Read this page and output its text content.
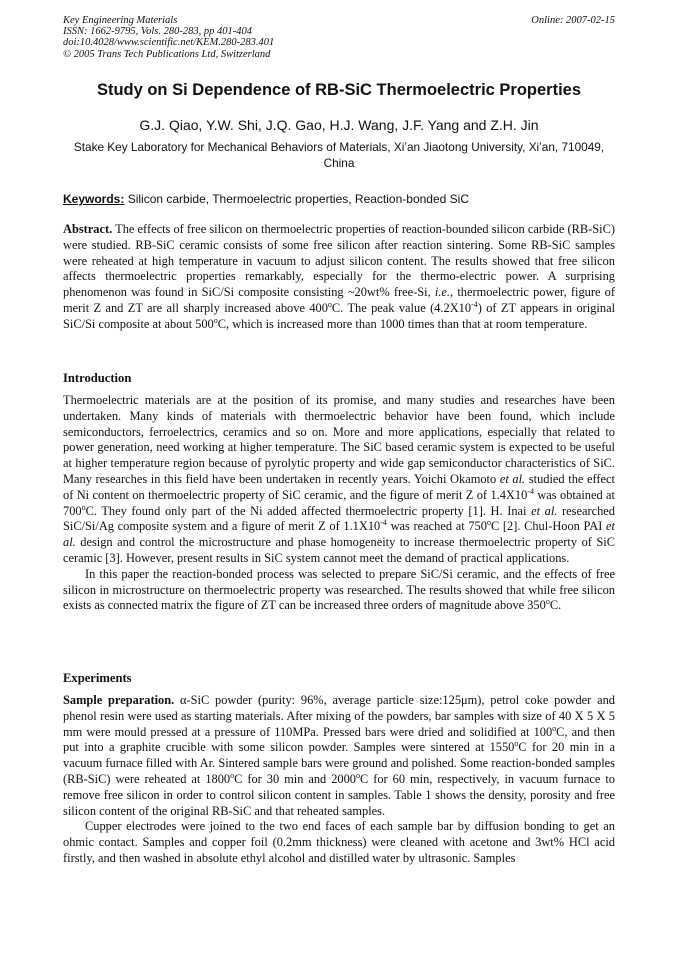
Key Engineering Materials
ISSN: 1662-9795, Vols. 280-283, pp 401-404
doi:10.4028/www.scientific.net/KEM.280-283.401
© 2005 Trans Tech Publications Ltd, Switzerland
Online: 2007-02-15
Study on Si Dependence of RB-SiC Thermoelectric Properties
G.J. Qiao, Y.W. Shi, J.Q. Gao, H.J. Wang, J.F. Yang and Z.H. Jin
Stake Key Laboratory for Mechanical Behaviors of Materials, Xi’an Jiaotong University, Xi’an, 710049, China
Keywords: Silicon carbide, Thermoelectric properties, Reaction-bonded SiC
Abstract. The effects of free silicon on thermoelectric properties of reaction-bounded silicon carbide (RB-SiC) were studied. RB-SiC ceramic consists of some free silicon after reaction sintering. Some RB-SiC samples were reheated at high temperature in vacuum to adjust silicon content. The results showed that free silicon affects thermoelectric properties remarkably, especially for the thermo-electric power. A surprising phenomenon was found in SiC/Si composite consisting ~20wt% free-Si, i.e., thermoelectric power, figure of merit Z and ZT are all sharply increased above 400$^o$C. The peak value $(4.2X10^{-4})$ of ZT appears in original SiC/Si composite at about 500$^o$C, which is increased more than 1000 times than that at room temperature.
Introduction

Thermoelectric materials are at the position of its promise, and many studies and researches have been undertaken. Many kinds of materials with thermoelectric behavior have been found, which include semiconductors, ferroelectrics, ceramics and so on. More and more applications, especially that related to power generation, need working at higher temperature. The SiC based ceramic system is expected to be useful at higher temperature region because of pyrolytic property and wide gap semiconductor characteristics of SiC. Many researches in this field have been undertaken in recently years. Yoichi Okamoto et al. studied the effect of Ni content on thermoelectric property of SiC ceramic, and the figure of merit Z of $1.4X10^{-4}$ was obtained at 700$^o$C. They found only part of the Ni added affected thermoelectric property [1]. H. Inai et al. researched SiC/Si/Ag composite system and a figure of merit Z of $1.1X10^{-4}$ was reached at 750$^o$C [2]. Chul-Hoon PAI et al. design and control the microstructure and phase homogeneity to increase thermoelectric property of SiC ceramic [3]. However, present results in SiC system cannot meet the demand of practical applications.

In this paper the reaction-bonded process was selected to prepare SiC/Si ceramic, and the effects of free silicon in microstructure on thermoelectric property was researched. The results showed that while free silicon exists as connected matrix the figure of ZT can be increased three orders of magnitude above 350$^o$C.

Experiments

Sample preparation. α-SiC powder (purity: 96%, average particle size:125μm), petrol coke powder and phenol resin were used as starting materials. After mixing of the powders, bar samples with size of 40 X 5 X 5 mm were mould pressed at a pressure of 110MPa. Pressed bars were dried and solidified at 100$^o$C, and then put into a graphite crucible with some silicon powder. Samples were sintered at 1550$^o$C for 20 min in a vacuum furnace filled with Ar. Sintered sample bars were ground and polished. Some reaction-bonded samples (RB-SiC) were reheated at 1800$^o$C for 30 min and 2000$^o$C for 60 min, respectively, in vacuum furnace to remove free silicon in order to control silicon content in samples. Table 1 shows the density, porosity and free silicon content of the original RB-SiC and that reheated samples.

Cupper electrodes were joined to the two end faces of each sample bar by diffusion bonding to get an ohmic contact. Samples and copper foil (0.2mm thickness) were cleaned with acetone and 3wt% HCl acid firstly, and then washed in absolute ethyl alcohol and distilled water by ultrasonic. Samples
